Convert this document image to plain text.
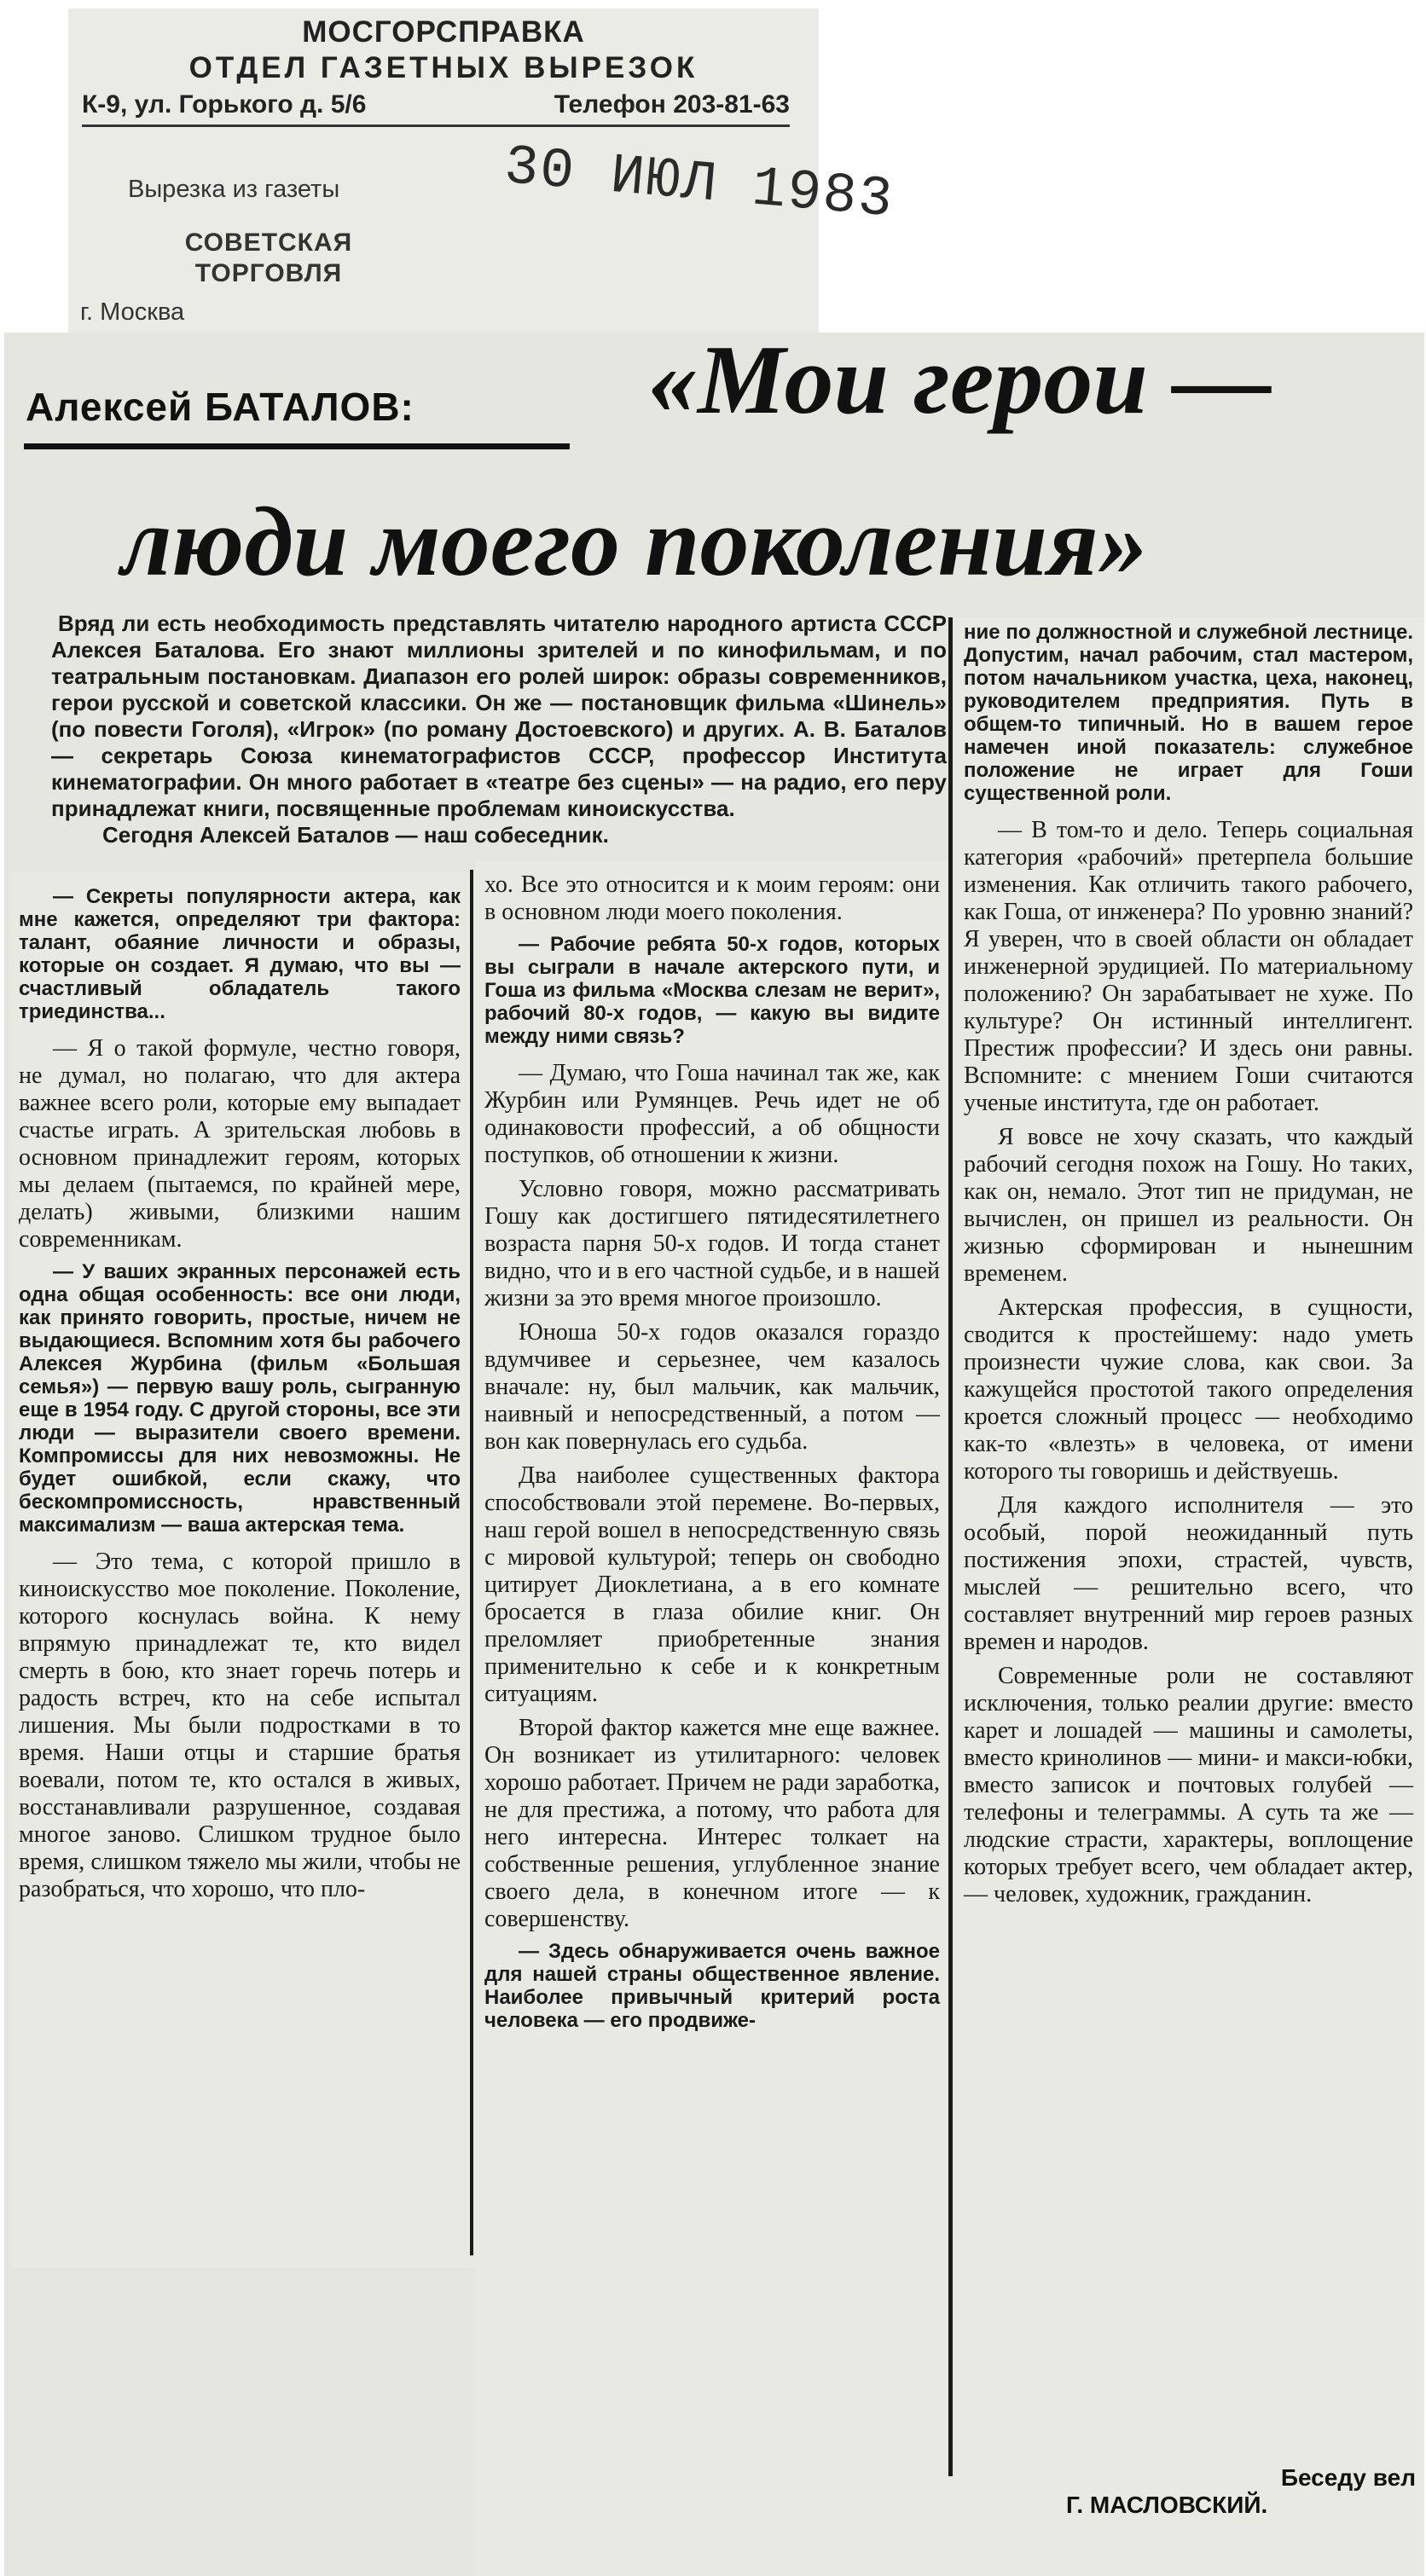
МОСГОРСПРАВКА
ОТДЕЛ ГАЗЕТНЫХ ВЫРЕЗОК
К-9, ул. Горького д. 5/6	Телефон 203-81-63
Вырезка из газеты	30 ИЮЛ 1983
СОВЕТСКАЯ
ТОРГОВЛЯ
г. Москва
Алексей БАТАЛОВ: «Мои герои —
люди моего поколения»

Вряд ли есть необходимость представлять читателю народного артиста СССР Алексея Баталова. Его знают миллионы зрителей и по кинофильмам, и по театральным постановкам. Диапазон его ролей широк: образы современников, герои русской и советской классики. Он же — постановщик фильма «Шинель» (по повести Гоголя), «Игрок» (по роману Достоевского) и других. А. В. Баталов — секретарь Союза кинематографистов СССР, профессор Института кинематографии. Он много работает в «театре без сцены» — на радио, его перу принадлежат книги, посвященные проблемам киноискусства.

Сегодня Алексей Баталов — наш собеседник.

— Секреты популярности актера, как мне кажется, определяют три фактора: талант, обаяние личности и образы, которые он создает. Я думаю, что вы — счастливый обладатель такого триединства...

— Я о такой формуле, честно говоря, не думал, но полагаю, что для актера важнее всего роли, которые ему выпадает счастье играть. А зрительская любовь в основном принадлежит героям, которых мы делаем (пытаемся, по крайней мере, делать) живыми, близкими нашим современникам.

— У ваших экранных персонажей есть одна общая особенность: все они люди, как принято говорить, простые, ничем не выдающиеся. Вспомним хотя бы рабочего Алексея Журбина (фильм «Большая семья») — первую вашу роль, сыгранную еще в 1954 году. С другой стороны, все эти люди — выразители своего времени. Компромиссы для них невозможны. Не будет ошибкой, если скажу, что бескомпромиссность, нравственный максимализм — ваша актерская тема.

— Это тема, с которой пришло в киноискусство мое поколение. Поколение, которого коснулась война. К нему впрямую принадлежат те, кто видел смерть в бою, кто знает горечь потерь и радость встреч, кто на себе испытал лишения. Мы были подростками в то время. Наши отцы и старшие братья воевали, потом те, кто остался в живых, восстанавливали разрушенное, создавая многое заново. Слишком трудное было время, слишком тяжело мы жили, чтобы не разобраться, что хорошо, что пло-

хо. Все это относится и к моим героям: они в основном люди моего поколения.

— Рабочие ребята 50-х годов, которых вы сыграли в начале актерского пути, и Гоша из фильма «Москва слезам не верит», рабочий 80-х годов, — какую вы видите между ними связь?

— Думаю, что Гоша начинал так же, как Журбин или Румянцев. Речь идет не об одинаковости профессий, а об общности поступков, об отношении к жизни.

Условно говоря, можно рассматривать Гошу как достигшего пятидесятилетнего возраста парня 50-х годов. И тогда станет видно, что и в его частной судьбе, и в нашей жизни за это время многое произошло.

Юноша 50-х годов оказался гораздо вдумчивее и серьезнее, чем казалось вначале: ну, был мальчик, как мальчик, наивный и непосредственный, а потом — вон как повернулась его судьба.

Два наиболее существенных фактора способствовали этой перемене. Во-первых, наш герой вошел в непосредственную связь с мировой культурой; теперь он свободно цитирует Диоклетиана, а в его комнате бросается в глаза обилие книг. Он преломляет приобретенные знания применительно к себе и к конкретным ситуациям.

Второй фактор кажется мне еще важнее. Он возникает из утилитарного: человек хорошо работает. Причем не ради заработка, не для престижа, а потому, что работа для него интересна. Интерес толкает на собственные решения, углубленное знание своего дела, в конечном итоге — к совершенству.

— Здесь обнаруживается очень важное для нашей страны общественное явление. Наиболее привычный критерий роста человека — его продвиже-

ние по должностной и служебной лестнице. Допустим, начал рабочим, стал мастером, потом начальником участка, цеха, наконец, руководителем предприятия. Путь в общем-то типичный. Но в вашем герое намечен иной показатель: служебное положение не играет для Гоши существенной роли.

— В том-то и дело. Теперь социальная категория «рабочий» претерпела большие изменения. Как отличить такого рабочего, как Гоша, от инженера? По уровню знаний? Я уверен, что в своей области он обладает инженерной эрудицией. По материальному положению? Он зарабатывает не хуже. По культуре? Он истинный интеллигент. Престиж профессии? И здесь они равны. Вспомните: с мнением Гоши считаются ученые института, где он работает.

Я вовсе не хочу сказать, что каждый рабочий сегодня похож на Гошу. Но таких, как он, немало. Этот тип не придуман, не вычислен, он пришел из реальности. Он жизнью сформирован и нынешним временем.

Актерская профессия, в сущности, сводится к простейшему: надо уметь произнести чужие слова, как свои. За кажущейся простотой такого определения кроется сложный процесс — необходимо как-то «влезть» в человека, от имени которого ты говоришь и действуешь.

Для каждого исполнителя — это особый, порой неожиданный путь постижения эпохи, страстей, чувств, мыслей — решительно всего, что составляет внутренний мир героев разных времен и народов.

Современные роли не составляют исключения, только реалии другие: вместо карет и лошадей — машины и самолеты, вместо кринолинов — мини- и макси-юбки, вместо записок и почтовых голубей — телефоны и телеграммы. А суть та же — людские страсти, характеры, воплощение которых требует всего, чем обладает актер, — человек, художник, гражданин.

Беседу вел
Г. МАСЛОВСКИЙ.
